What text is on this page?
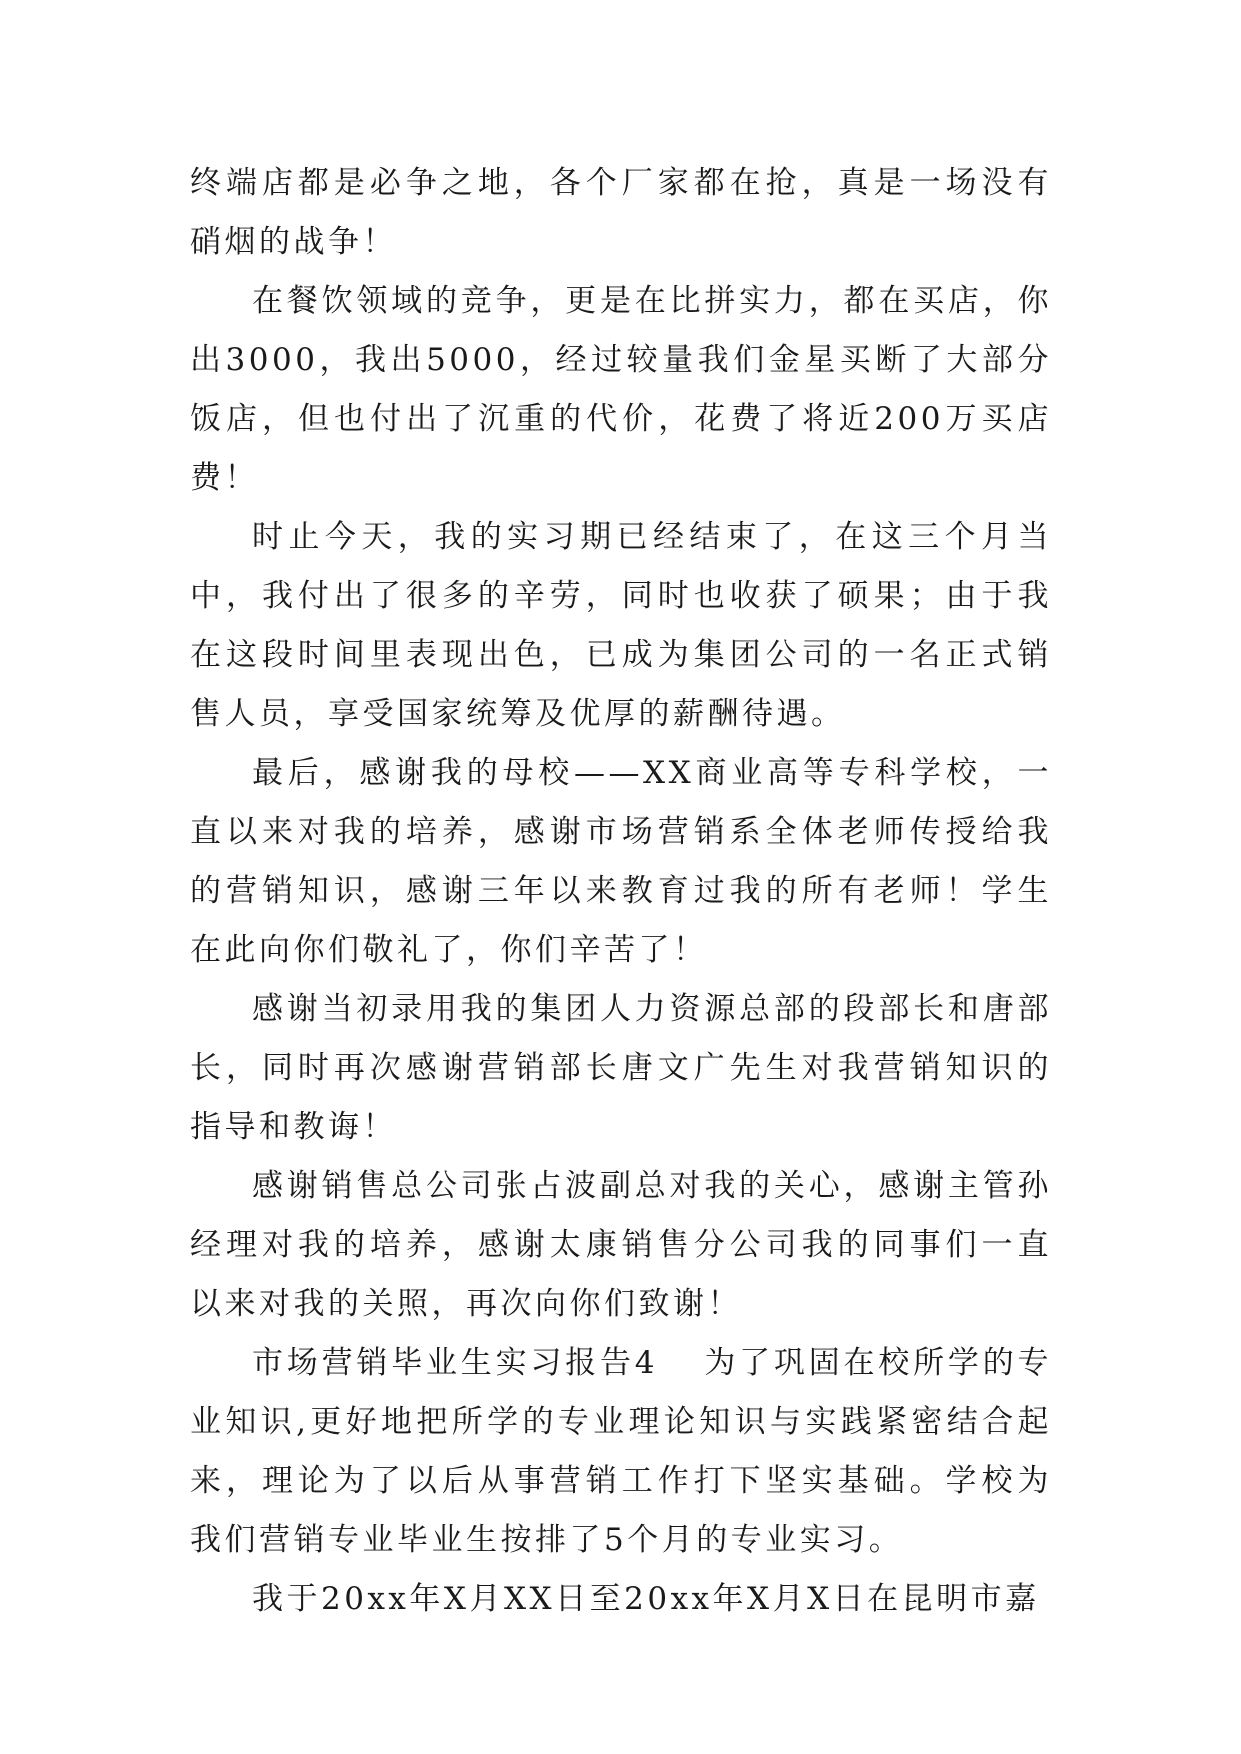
终端店都是必争之地，各个厂家都在抢，真是一场没有硝烟的战争！

在餐饮领域的竞争，更是在比拼实力，都在买店，你出3000，我出5000，经过较量我们金星买断了大部分饭店，但也付出了沉重的代价，花费了将近200万买店费！

时止今天，我的实习期已经结束了，在这三个月当中，我付出了很多的辛劳，同时也收获了硕果；由于我在这段时间里表现出色，已成为集团公司的一名正式销售人员，享受国家统筹及优厚的薪酬待遇。

最后，感谢我的母校——XX商业高等专科学校，一直以来对我的培养，感谢市场营销系全体老师传授给我的营销知识，感谢三年以来教育过我的所有老师！学生在此向你们敬礼了，你们辛苦了！

感谢当初录用我的集团人力资源总部的段部长和唐部长，同时再次感谢营销部长唐文广先生对我营销知识的指导和教诲！

感谢销售总公司张占波副总对我的关心，感谢主管孙经理对我的培养，感谢太康销售分公司我的同事们一直以来对我的关照，再次向你们致谢！

市场营销毕业生实习报告4 为了巩固在校所学的专业知识,更好地把所学的专业理论知识与实践紧密结合起来，理论为了以后从事营销工作打下坚实基础。学校为我们营销专业毕业生按排了5个月的专业实习。

我于20xx年X月XX日至20xx年X月X日在昆明市嘉
